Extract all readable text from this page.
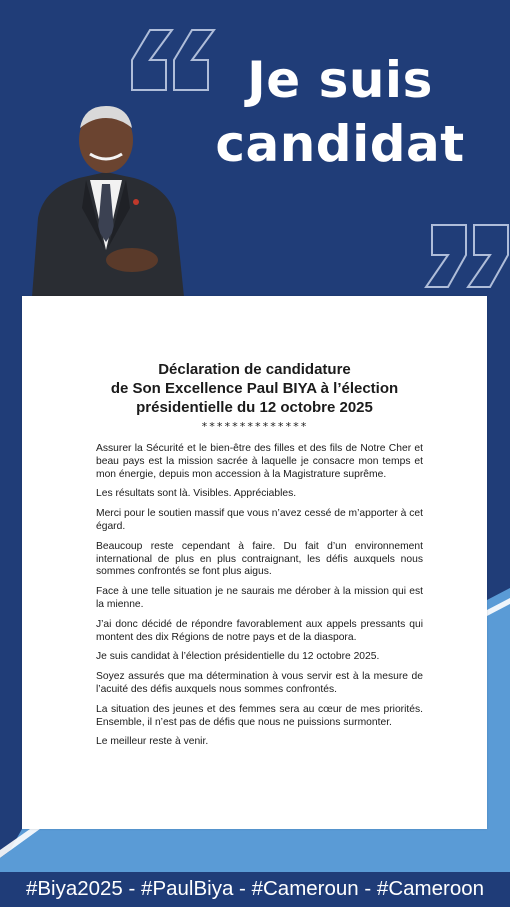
Je suis
candidat
Déclaration de candidature
de Son Excellence Paul BIYA à l’élection
présidentielle du 12 octobre 2025
**************

Assurer la Sécurité et le bien-être des filles et des fils de Notre Cher et beau pays est la mission sacrée à laquelle je consacre mon temps et mon énergie, depuis mon accession à la Magistrature suprême.

Les résultats sont là. Visibles. Appréciables.

Merci pour le soutien massif que vous n’avez cessé de m’apporter à cet égard.

Beaucoup reste cependant à faire. Du fait d’un environnement international de plus en plus contraignant, les défis auxquels nous sommes confrontés se font plus aigus.

Face à une telle situation je ne saurais me dérober à la mission qui est la mienne.

J’ai donc décidé de répondre favorablement aux appels pressants qui montent des dix Régions de notre pays et de la diaspora.

Je suis candidat à l’élection présidentielle du 12 octobre 2025.

Soyez assurés que ma détermination à vous servir est à la mesure de l’acuité des défis auxquels nous sommes confrontés.

La situation des jeunes et des femmes sera au cœur de mes priorités. Ensemble, il n’est pas de défis que nous ne puissions surmonter.

Le meilleur reste à venir.

#Biya2025 - #PaulBiya - #Cameroun - #Cameroon
